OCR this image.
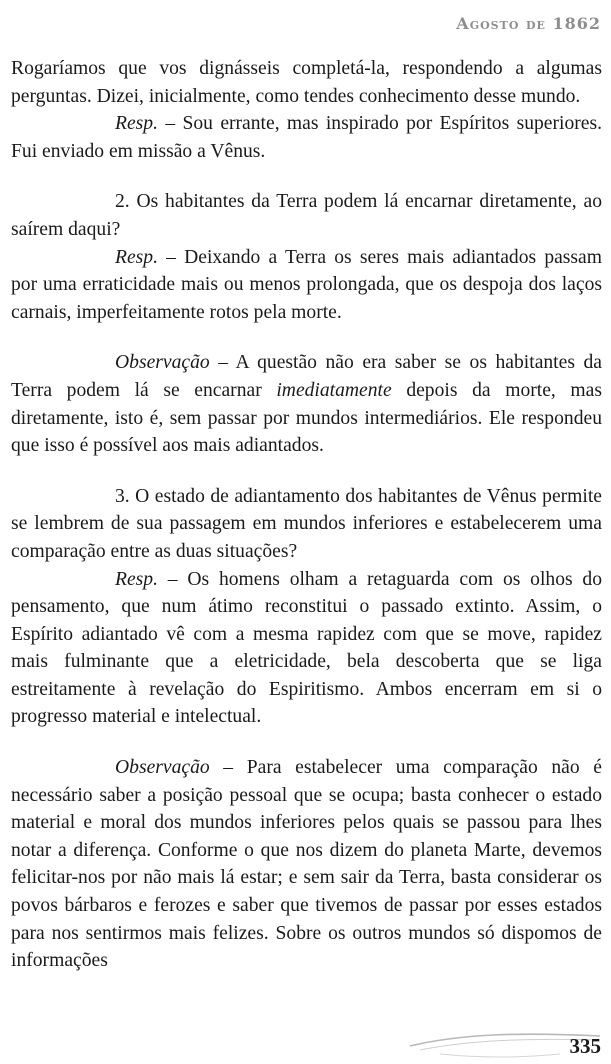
Agosto de 1862

Rogaríamos que vos dignásseis completá-la, respondendo a algumas perguntas. Dizei, inicialmente, como tendes conhecimento desse mundo.

Resp. – Sou errante, mas inspirado por Espíritos superiores. Fui enviado em missão a Vênus.

2. Os habitantes da Terra podem lá encarnar diretamente, ao saírem daqui?

Resp. – Deixando a Terra os seres mais adiantados passam por uma erraticidade mais ou menos prolongada, que os despoja dos laços carnais, imperfeitamente rotos pela morte.

Observação – A questão não era saber se os habitantes da Terra podem lá se encarnar imediatamente depois da morte, mas diretamente, isto é, sem passar por mundos intermediários. Ele respondeu que isso é possível aos mais adiantados.

3. O estado de adiantamento dos habitantes de Vênus permite se lembrem de sua passagem em mundos inferiores e estabelecerem uma comparação entre as duas situações?

Resp. – Os homens olham a retaguarda com os olhos do pensamento, que num átimo reconstitui o passado extinto. Assim, o Espírito adiantado vê com a mesma rapidez com que se move, rapidez mais fulminante que a eletricidade, bela descoberta que se liga estreitamente à revelação do Espiritismo. Ambos encerram em si o progresso material e intelectual.

Observação – Para estabelecer uma comparação não é necessário saber a posição pessoal que se ocupa; basta conhecer o estado material e moral dos mundos inferiores pelos quais se passou para lhes notar a diferença. Conforme o que nos dizem do planeta Marte, devemos felicitar-nos por não mais lá estar; e sem sair da Terra, basta considerar os povos bárbaros e ferozes e saber que tivemos de passar por esses estados para nos sentirmos mais felizes. Sobre os outros mundos só dispomos de informações

335
